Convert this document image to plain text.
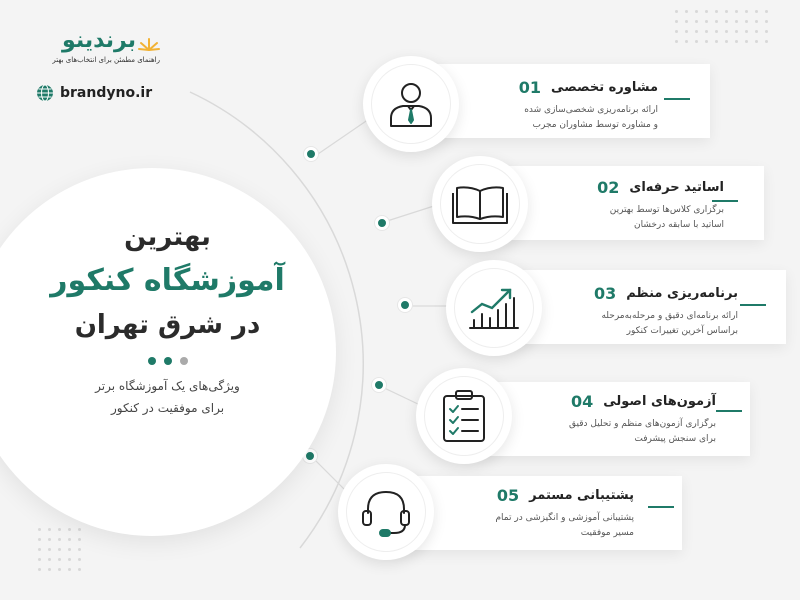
برندینو
راهنمای مطمئن برای انتخاب‌های بهتر
brandyno.ir
بهترین
آموزشگاه کنکور
در شرق تهران
ویژگی‌های یک آموزشگاه برتر
برای موفقیت در کنکور
مشاوره تخصصی
01
ارائه برنامه‌ریزی شخصی‌سازی شده
و مشاوره توسط مشاوران مجرب
اساتید حرفه‌ای
02
برگزاری کلاس‌ها توسط بهترین
اساتید با سابقه درخشان
برنامه‌ریزی منظم
03
ارائه برنامه‌ای دقیق و مرحله‌به‌مرحله
براساس آخرین تغییرات کنکور
آزمون‌های اصولی
04
برگزاری آزمون‌های منظم و تحلیل دقیق
برای سنجش پیشرفت
پشتیبانی مستمر
05
پشتیبانی آموزشی و انگیزشی در تمام
مسیر موفقیت
